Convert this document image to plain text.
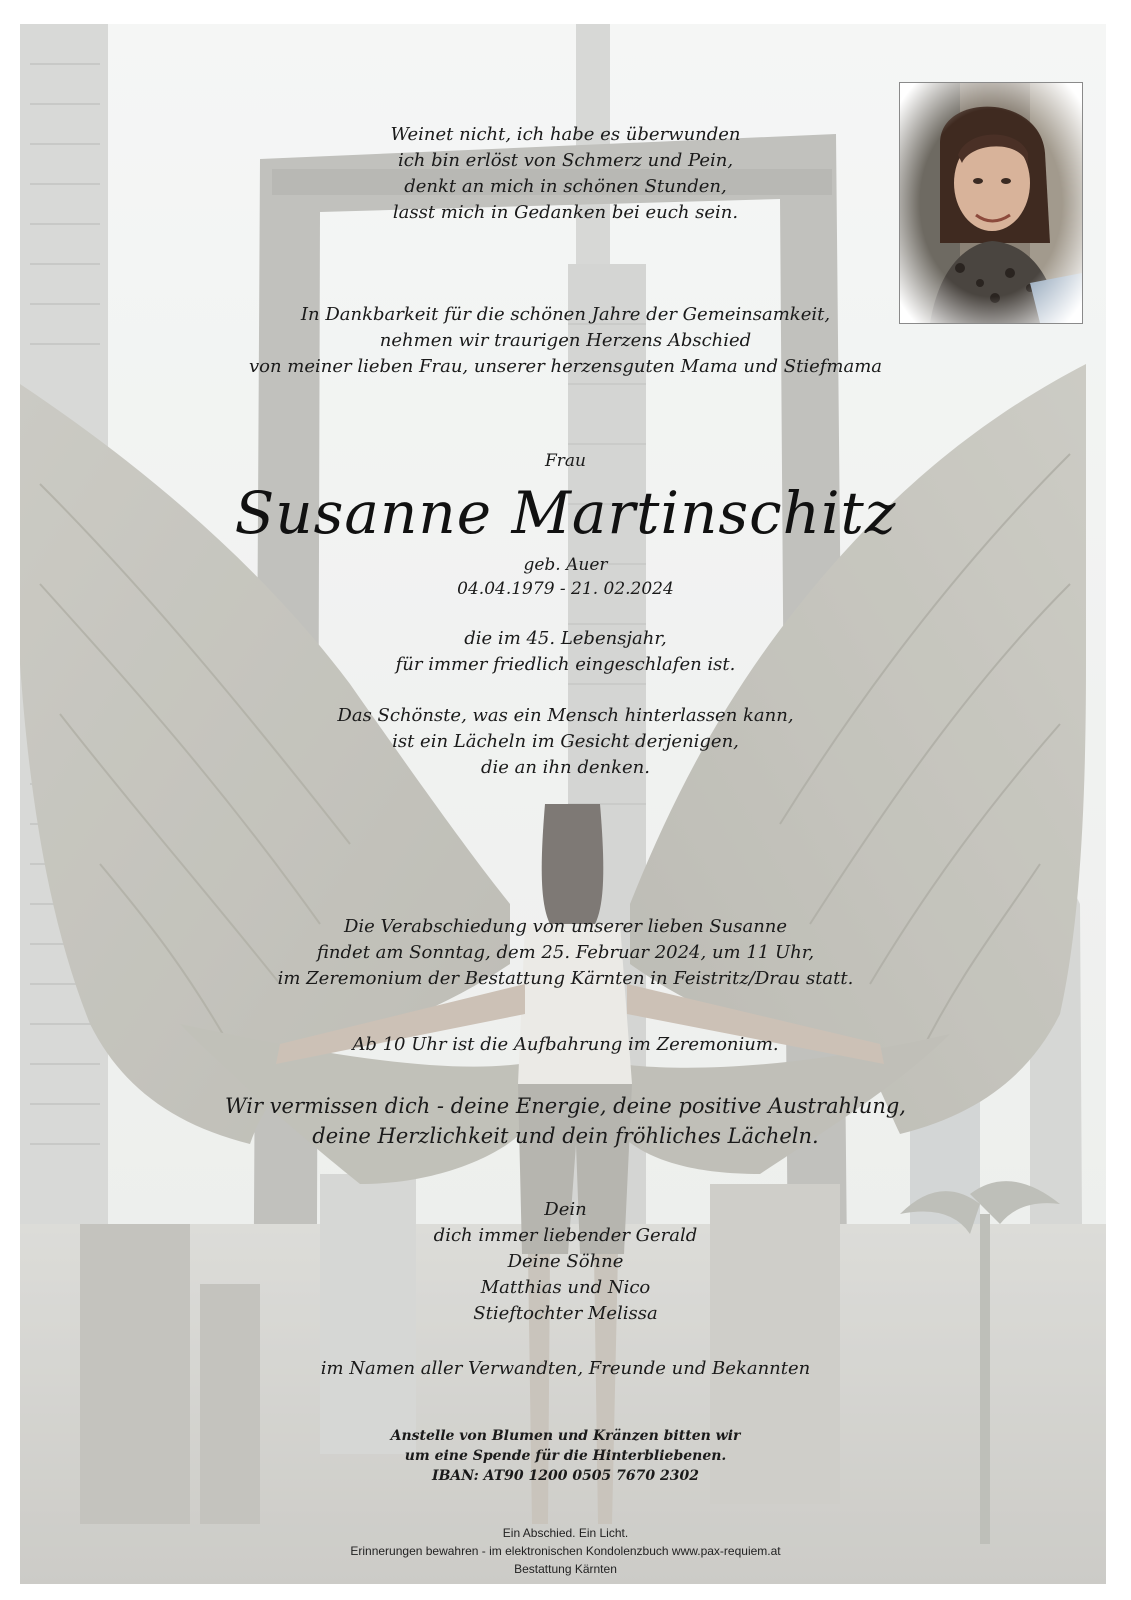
Weinet nicht, ich habe es überwunden
ich bin erlöst von Schmerz und Pein,
denkt an mich in schönen Stunden,
lasst mich in Gedanken bei euch sein.
In Dankbarkeit für die schönen Jahre der Gemeinsamkeit,
nehmen wir traurigen Herzens Abschied
von meiner lieben Frau, unserer herzensguten Mama und Stiefmama
Frau
Susanne Martinschitz
geb. Auer
04.04.1979 - 21. 02.2024
die im 45. Lebensjahr,
für immer friedlich eingeschlafen ist.
Das Schönste, was ein Mensch hinterlassen kann,
ist ein Lächeln im Gesicht derjenigen,
die an ihn denken.
Die Verabschiedung von unserer lieben Susanne
findet am Sonntag, dem 25. Februar 2024, um 11 Uhr,
im Zeremonium der Bestattung Kärnten in Feistritz/Drau statt.
Ab 10 Uhr ist die Aufbahrung im Zeremonium.
Wir vermissen dich - deine Energie, deine positive Austrahlung,
deine Herzlichkeit und dein fröhliches Lächeln.
Dein
dich immer liebender Gerald
Deine Söhne
Matthias und Nico
Stieftochter Melissa
im Namen aller Verwandten, Freunde und Bekannten
Anstelle von Blumen und Kränzen bitten wir
um eine Spende für die Hinterbliebenen.
IBAN: AT90 1200 0505 7670 2302
Ein Abschied. Ein Licht.
Erinnerungen bewahren - im elektronischen Kondolenzbuch www.pax-requiem.at
Bestattung Kärnten
